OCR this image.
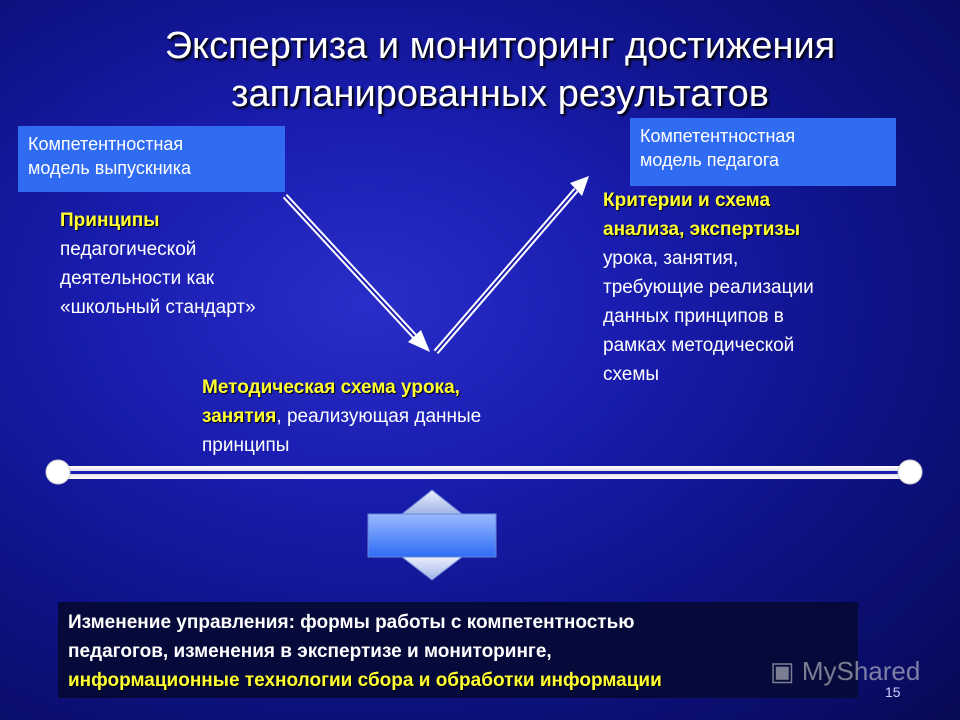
Экспертиза и мониторинг достижения
запланированных результатов
Компетентностная
модель выпускника
Компетентностная
модель педагога
Принципы
педагогической
деятельности как
«школьный стандарт»
Критерии и схема
анализа, экспертизы
урока, занятия,
требующие реализации
данных принципов в
рамках методической
схемы
Методическая схема урока,
занятия, реализующая данные
принципы
Изменение управления: формы работы с компетентностью
педагогов, изменения в экспертизе и мониторинге,
информационные технологии сбора и обработки информации	▣ MyShared
15
